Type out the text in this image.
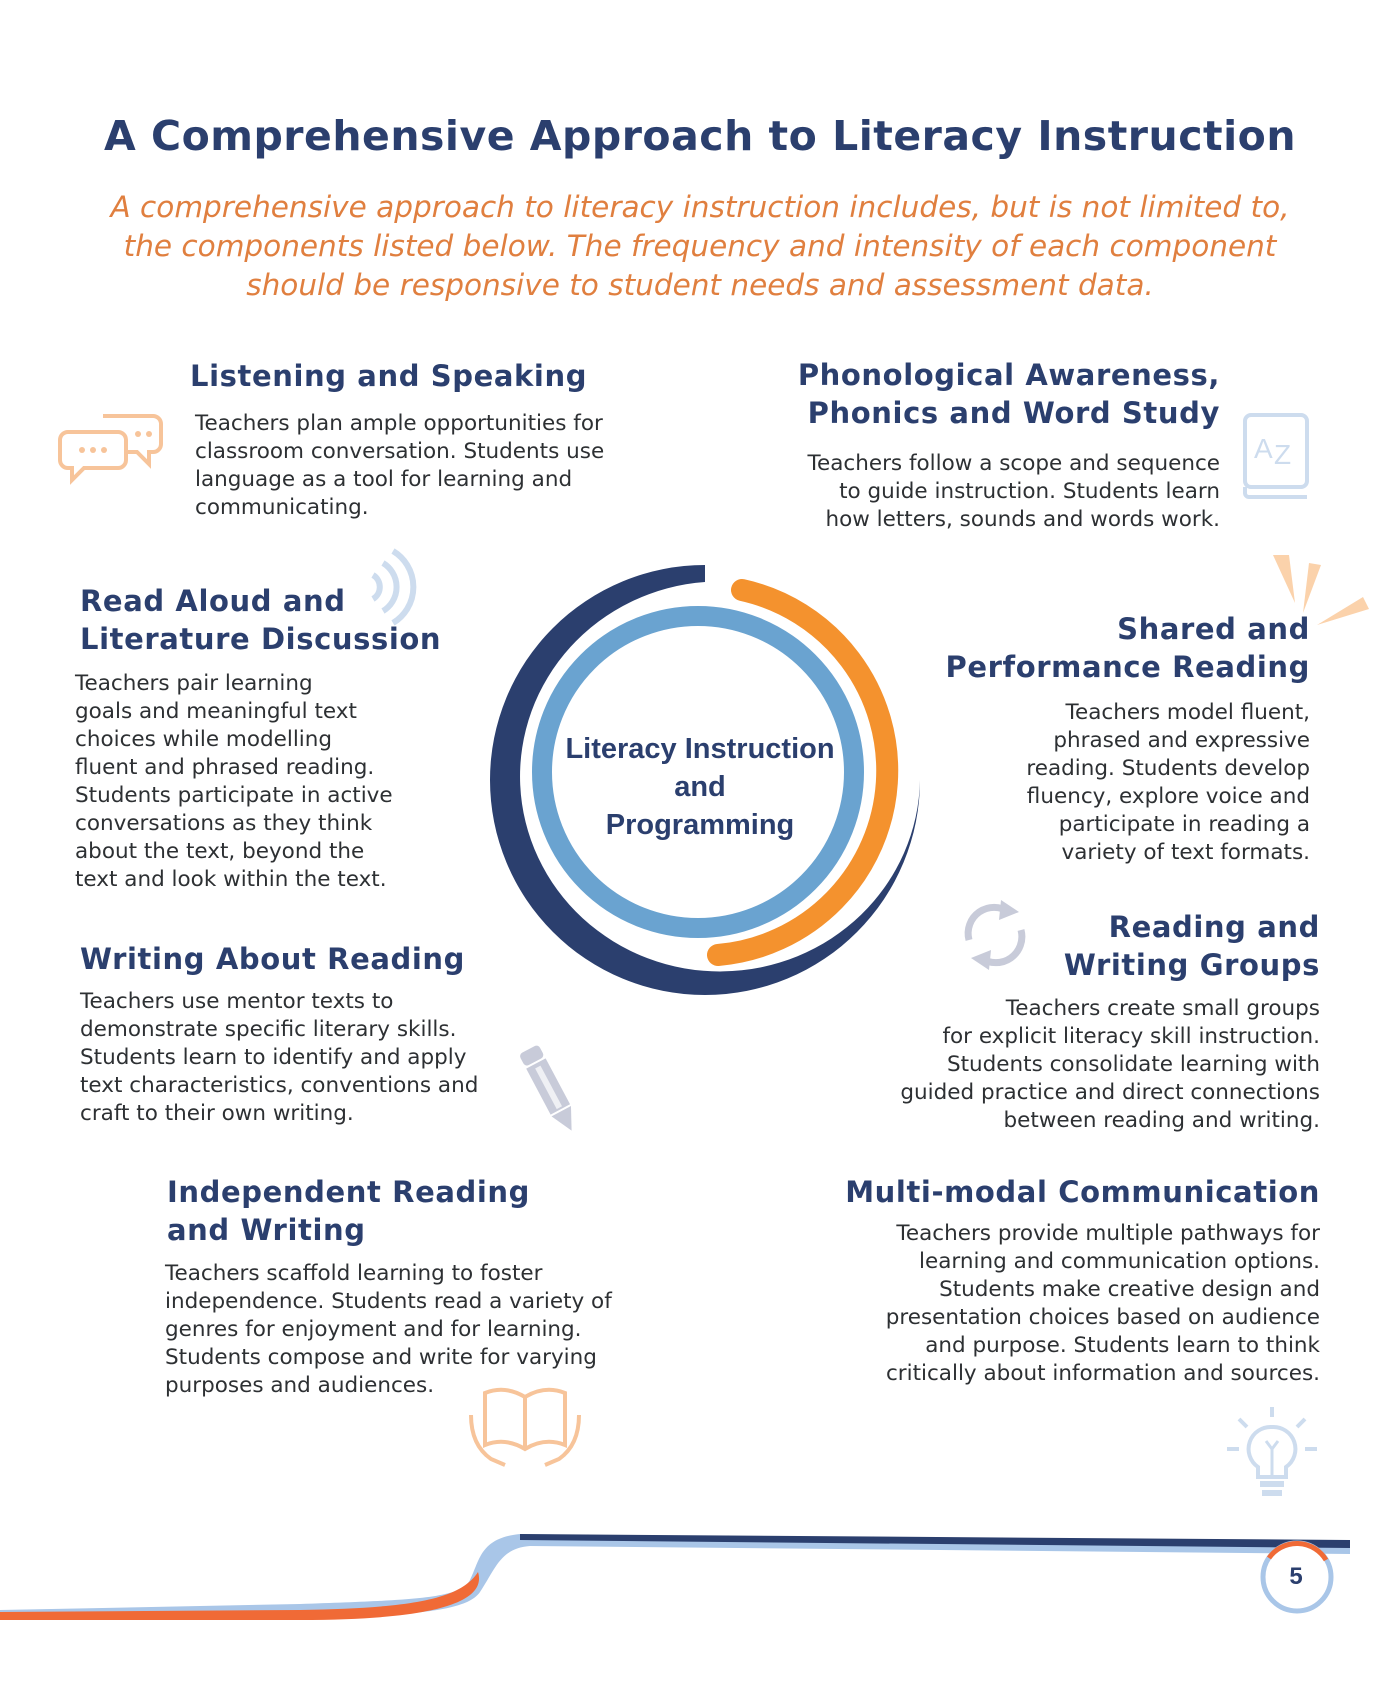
A Comprehensive Approach to Literacy Instruction
A comprehensive approach to literacy instruction includes, but is not limited to, the components listed below. The frequency and intensity of each component should be responsive to student needs and assessment data.
Listening and Speaking
Teachers plan ample opportunities for
classroom conversation. Students use
language as a tool for learning and
communicating.
Phonological Awareness,
Phonics and Word Study
Teachers follow a scope and sequence
to guide instruction. Students learn
how letters, sounds and words work.
Read Aloud and
Literature Discussion
Teachers pair learning
goals and meaningful text
choices while modelling
fluent and phrased reading.
Students participate in active
conversations as they think
about the text, beyond the
text and look within the text.
Shared and
Performance Reading
Teachers model fluent,
phrased and expressive
reading. Students develop
fluency, explore voice and
participate in reading a
variety of text formats.
Writing About Reading
Teachers use mentor texts to
demonstrate specific literary skills.
Students learn to identify and apply
text characteristics, conventions and
craft to their own writing.
Reading and
Writing Groups
Teachers create small groups
for explicit literacy skill instruction.
Students consolidate learning with
guided practice and direct connections
between reading and writing.
Independent Reading
and Writing
Teachers scaffold learning to foster
independence. Students read a variety of
genres for enjoyment and for learning.
Students compose and write for varying
purposes and audiences.
Multi-modal Communication
Teachers provide multiple pathways for
learning and communication options.
Students make creative design and
presentation choices based on audience
and purpose. Students learn to think
critically about information and sources.
Literacy Instruction
and
Programming
A Z
5
